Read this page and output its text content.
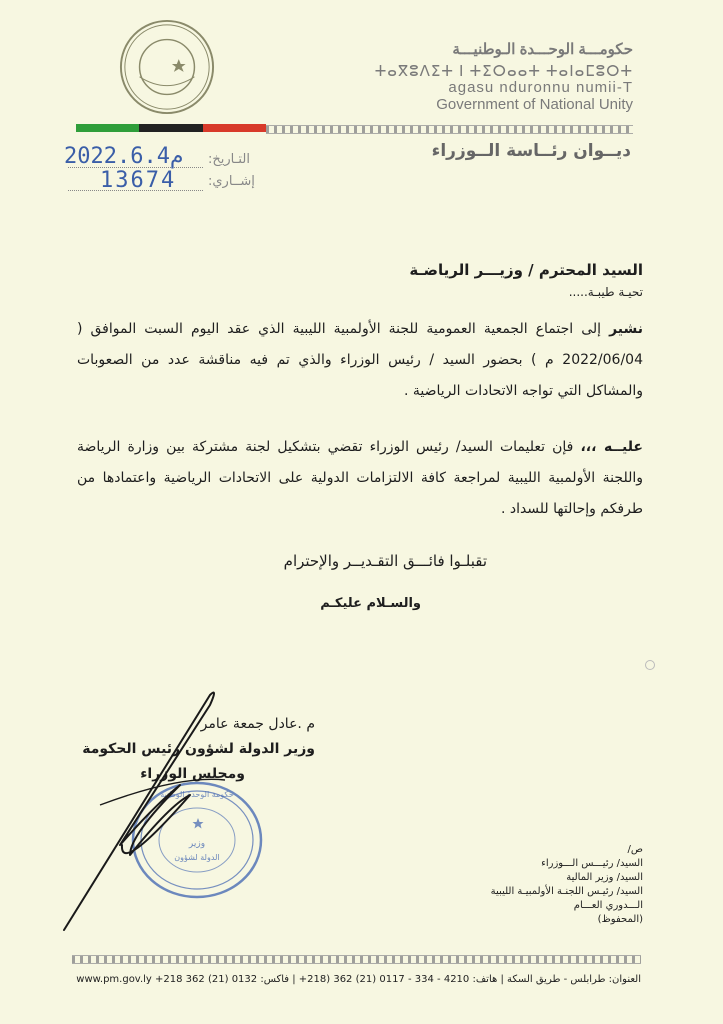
حكومـــة الوحـــدة الـوطنيـــة
ⵜⴰⴳⵓⴷⵉⵜ ⵏ ⵜⵉⵔⴰⴰⵜ ⵜⴰⵏⴰⵎⵓⵔⵜ
agasu nduronnu numii-T
Government of National Unity
ديــوان رئــاسة الــوزراء
التـاريخ:
إشــاري:
2022.6.4م
13674
السيد المحترم / وزيـــر الرياضـة
تحيـة طيبـة.....
نشير إلى اجتماع الجمعية العمومية للجنة الأولمبية الليبية الذي عقد اليوم السبت الموافق ( 2022/06/04 م ) بحضور السيد / رئيس الوزراء والذي تم فيه مناقشة عدد من الصعوبات والمشاكل التي تواجه الاتحادات الرياضية .
عليــه ،،، فإن تعليمات السيد/ رئيس الوزراء تقضي بتشكيل لجنة مشتركة بين وزارة الرياضة واللجنة الأولمبية الليبية لمراجعة كافة الالتزامات الدولية على الاتحادات الرياضية واعتمادها من طرفكم وإحالتها للسداد .
تقبلـوا فائـــق التقـديــر والإحترام
والسـلام عليكـم
م .عادل جمعة عامر
وزير الدولة لشؤون رئيس الحكومة
ومجلس الوزراء
وزير
الدولة لشؤون
حكومة الوحدة الوطنية
ص/
السيد/ رئيـــس الـــوزراء
السيد/ وزير المالية
السيد/ رئيـس اللجنـة الأولمبيـة الليبية
الـــدوري العـــام
(المحفوظ)
العنوان: طرابلس - طريق السكة | هاتف: 4210 - 334 - 0117 (21) 362 (218+ | فاكس: 0132 (21) 362 218+ www.pm.gov.ly
